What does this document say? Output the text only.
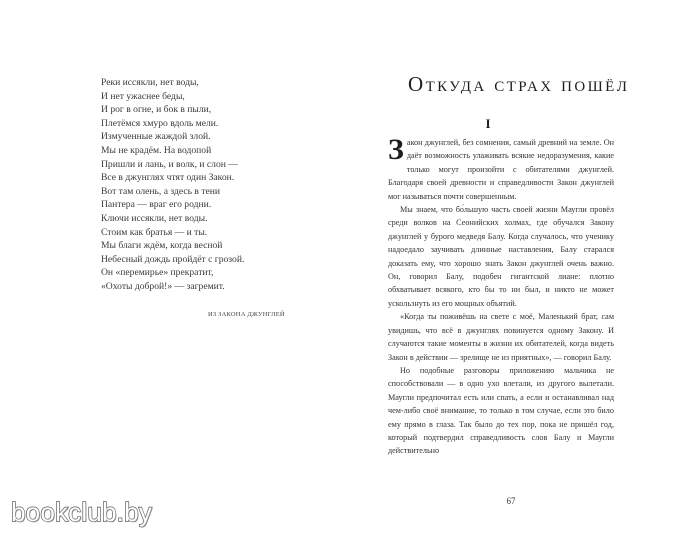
Реки иссякли, нет воды,
И нет ужаснее беды,
И рог в огне, и бок в пыли,
Плетёмся хмуро вдоль мели.
Измученные жаждой злой.
Мы не крадём. На водопой
Пришли и лань, и волк, и слон —
Все в джунглях чтят один Закон.
Вот там олень, а здесь в тени
Пантера — враг его родни.
Ключи иссякли, нет воды.
Стоим как братья — и ты.
Мы благи ждём, когда весной
Небесный дождь пройдёт с грозой.
Он «перемирье» прекратит,
«Охоты доброй!» — загремит.
ИЗ ЗАКОНА ДЖУНГЛЕЙ
Откуда страх пошёл
I

Закон джунглей, без сомнения, самый древний на земле. Он даёт возможность улаживать всякие недоразумения, какие только могут произойти с обитателями джунглей. Благодаря своей древности и справедливости Закон джунглей мог называться почти совершенным.

Мы знаем, что бо́льшую часть своей жизни Маугли провёл среди волков на Сеонийских холмах, где обучался Закону джунглей у бурого медведя Балу. Когда случалось, что ученику надоедало заучивать длинные наставления, Балу старался доказать ему, что хорошо знать Закон джунглей очень важно. Он, говорил Балу, подобен гигантской лиане: плотно обхватывает всякого, кто бы то ни был, и никто не может ускользнуть из его мощных объятий.

«Когда ты поживёшь на свете с моё, Маленький брат, сам увидишь, что всё в джунглях повинуется одному Закону. И случаются такие моменты в жизни их обитателей, когда видеть Закон в действии — зрелище не из приятных», — говорил Балу.

Но подобные разговоры приложению мальчика не способствовали — в одно ухо влетали, из другого вылетали. Маугли предпочитал есть или спать, а если и останавливал над чем-либо своё внимание, то только в том случае, если это било ему прямо в глаза. Так было до тех пор, пока не пришёл год, который подтвердил справедливость слов Балу и Маугли действительно

67
bookclub.by
